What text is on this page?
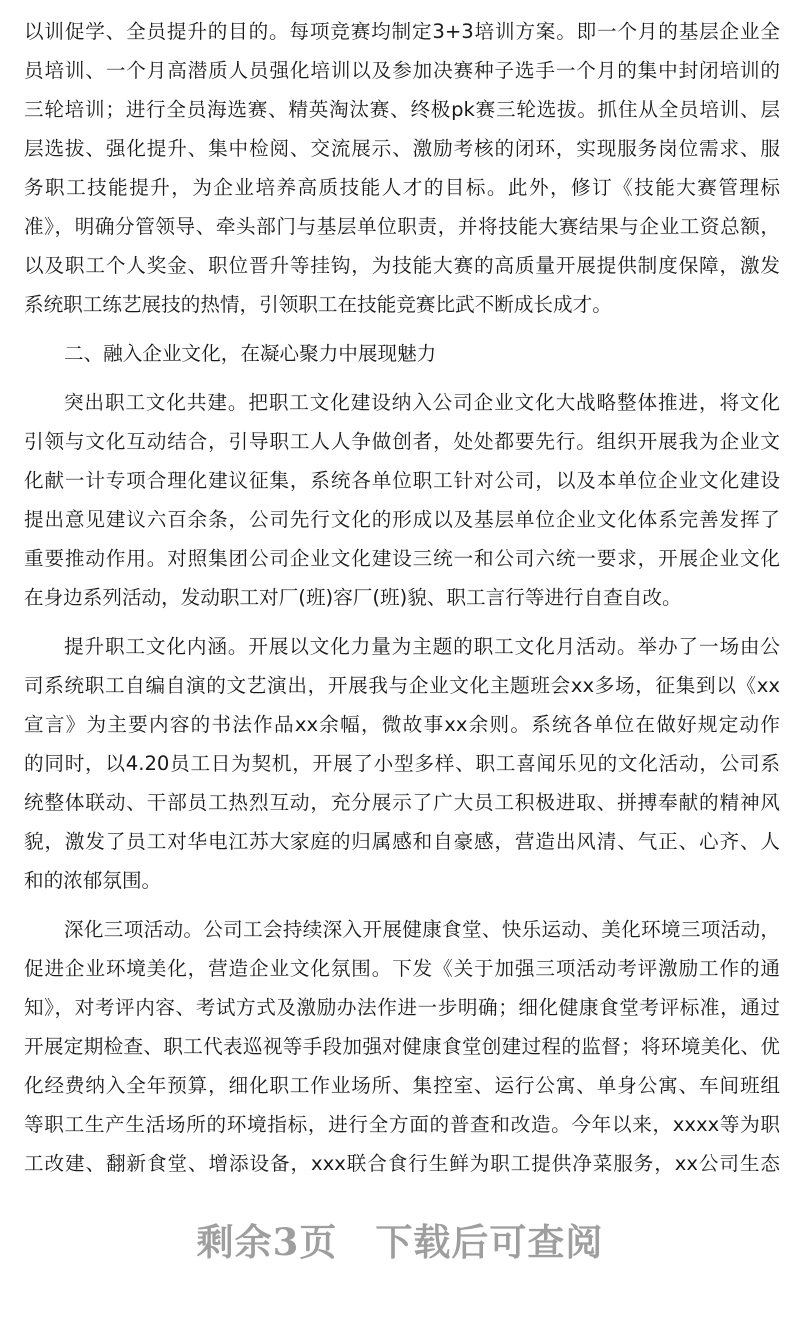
以训促学、全员提升的目的。每项竞赛均制定3+3培训方案。即一个月的基层企业全
员培训、一个月高潜质人员强化培训以及参加决赛种子选手一个月的集中封闭培训的
三轮培训；进行全员海选赛、精英淘汰赛、终极pk赛三轮选拔。抓住从全员培训、层
层选拔、强化提升、集中检阅、交流展示、激励考核的闭环，实现服务岗位需求、服
务职工技能提升，为企业培养高质技能人才的目标。此外，修订《技能大赛管理标
准》，明确分管领导、牵头部门与基层单位职责，并将技能大赛结果与企业工资总额，
以及职工个人奖金、职位晋升等挂钩，为技能大赛的高质量开展提供制度保障，激发
系统职工练艺展技的热情，引领职工在技能竞赛比武不断成长成才。
二、融入企业文化，在凝心聚力中展现魅力
突出职工文化共建。把职工文化建设纳入公司企业文化大战略整体推进，将文化
引领与文化互动结合，引导职工人人争做创者，处处都要先行。组织开展我为企业文
化献一计专项合理化建议征集，系统各单位职工针对公司，以及本单位企业文化建设
提出意见建议六百余条，公司先行文化的形成以及基层单位企业文化体系完善发挥了
重要推动作用。对照集团公司企业文化建设三统一和公司六统一要求，开展企业文化
在身边系列活动，发动职工对厂(班)容厂(班)貌、职工言行等进行自查自改。
提升职工文化内涵。开展以文化力量为主题的职工文化月活动。举办了一场由公
司系统职工自编自演的文艺演出，开展我与企业文化主题班会xx多场，征集到以《xx
宣言》为主要内容的书法作品xx余幅，微故事xx余则。系统各单位在做好规定动作
的同时，以4.20员工日为契机，开展了小型多样、职工喜闻乐见的文化活动，公司系
统整体联动、干部员工热烈互动，充分展示了广大员工积极进取、拼搏奉献的精神风
貌，激发了员工对华电江苏大家庭的归属感和自豪感，营造出风清、气正、心齐、人
和的浓郁氛围。
深化三项活动。公司工会持续深入开展健康食堂、快乐运动、美化环境三项活动，
促进企业环境美化，营造企业文化氛围。下发《关于加强三项活动考评激励工作的通
知》，对考评内容、考试方式及激励办法作进一步明确；细化健康食堂考评标准，通过
开展定期检查、职工代表巡视等手段加强对健康食堂创建过程的监督；将环境美化、优
化经费纳入全年预算，细化职工作业场所、集控室、运行公寓、单身公寓、车间班组
等职工生产生活场所的环境指标，进行全方面的普查和改造。今年以来，xxxx等为职
工改建、翻新食堂、增添设备，xxx联合食行生鲜为职工提供净菜服务，xx公司生态
剩余3页　下载后可查阅
